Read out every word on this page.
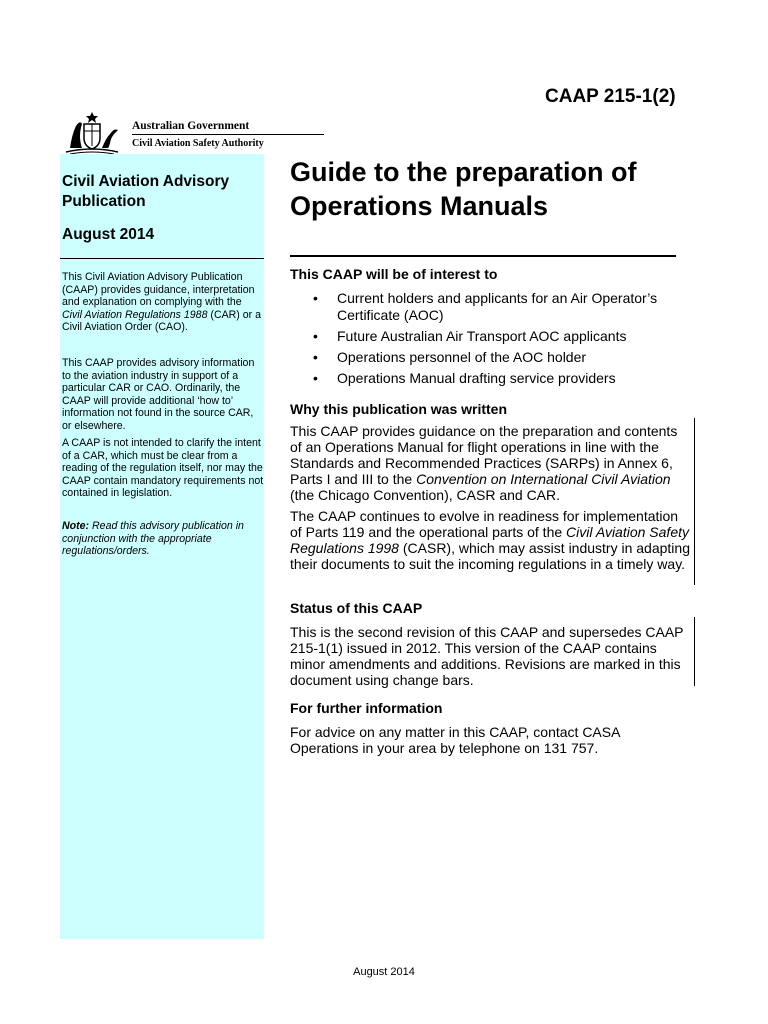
CAAP 215-1(2)
Australian Government
Civil Aviation Safety Authority
Civil Aviation Advisory Publication
August 2014

This Civil Aviation Advisory Publication (CAAP) provides guidance, interpretation and explanation on complying with the Civil Aviation Regulations 1988 (CAR) or a Civil Aviation Order (CAO).

This CAAP provides advisory information to the aviation industry in support of a particular CAR or CAO. Ordinarily, the CAAP will provide additional ‘how to’ information not found in the source CAR, or elsewhere.

A CAAP is not intended to clarify the intent of a CAR, which must be clear from a reading of the regulation itself, nor may the CAAP contain mandatory requirements not contained in legislation.

Note: Read this advisory publication in conjunction with the appropriate regulations/orders.

Guide to the preparation of Operations Manuals
This CAAP will be of interest to
• Current holders and applicants for an Air Operator’s Certificate (AOC)
• Future Australian Air Transport AOC applicants
• Operations personnel of the AOC holder
• Operations Manual drafting service providers
Why this publication was written

This CAAP provides guidance on the preparation and contents of an Operations Manual for flight operations in line with the Standards and Recommended Practices (SARPs) in Annex 6, Parts I and III to the Convention on International Civil Aviation (the Chicago Convention), CASR and CAR.

The CAAP continues to evolve in readiness for implementation of Parts 119 and the operational parts of the Civil Aviation Safety Regulations 1998 (CASR), which may assist industry in adapting their documents to suit the incoming regulations in a timely way.

Status of this CAAP

This is the second revision of this CAAP and supersedes CAAP 215-1(1) issued in 2012. This version of the CAAP contains minor amendments and additions. Revisions are marked in this document using change bars.

For further information

For advice on any matter in this CAAP, contact CASA Operations in your area by telephone on 131 757.

August 2014
